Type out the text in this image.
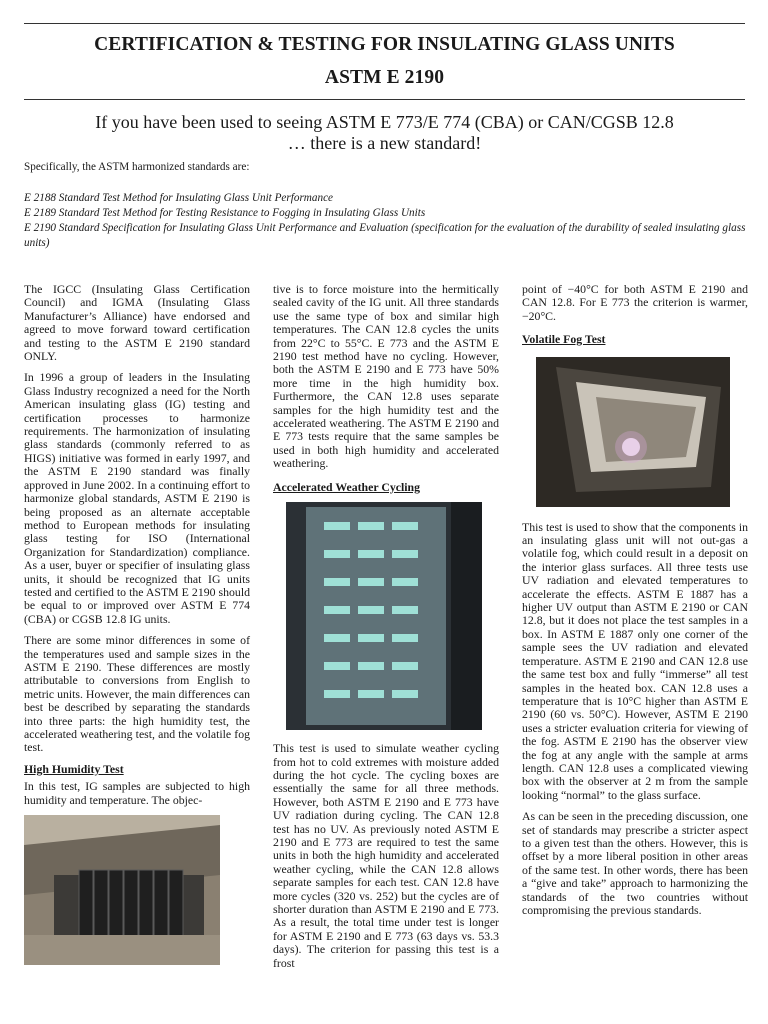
CERTIFICATION & TESTING FOR INSULATING GLASS UNITS
ASTM E 2190

If you have been used to seeing ASTM E 773/E 774 (CBA) or CAN/CGSB 12.8

… there is a new standard!

Specifically, the ASTM harmonized standards are:

E 2188 Standard Test Method for Insulating Glass Unit Performance
E 2189 Standard Test Method for Testing Resistance to Fogging in Insulating Glass Units
E 2190 Standard Specification for Insulating Glass Unit Performance and Evaluation (specification for the evaluation of the durability of sealed insulating glass units)

The IGCC (Insulating Glass Certification Council) and IGMA (Insulating Glass Manufacturer’s Alliance) have endorsed and agreed to move forward toward certification and testing to the ASTM E 2190 standard ONLY.

In 1996 a group of leaders in the Insulating Glass Industry recognized a need for the North American insulating glass (IG) testing and certification processes to harmonize requirements. The harmonization of insulating glass standards (commonly referred to as HIGS) initiative was formed in early 1997, and the ASTM E 2190 standard was finally approved in June 2002. In a continuing effort to harmonize global standards, ASTM E 2190 is being proposed as an alternate acceptable method to European methods for insulating glass testing for ISO (International Organization for Standardization) compliance. As a user, buyer or specifier of insulating glass units, it should be recognized that IG units tested and certified to the ASTM E 2190 should be equal to or improved over ASTM E 774 (CBA) or CGSB 12.8 IG units.

There are some minor differences in some of the temperatures used and sample sizes in the ASTM E 2190. These differences are mostly attributable to conversions from English to metric units. However, the main differences can best be described by separating the standards into three parts: the high humidity test, the accelerated weathering test, and the volatile fog test.

High Humidity Test

In this test, IG samples are subjected to high humidity and temperature. The objec-

tive is to force moisture into the hermitically sealed cavity of the IG unit. All three standards use the same type of box and similar high temperatures. The CAN 12.8 cycles the units from 22°C to 55°C. E 773 and the ASTM E 2190 test method have no cycling. However, both the ASTM E 2190 and E 773 have 50% more time in the high humidity box. Furthermore, the CAN 12.8 uses separate samples for the high humidity test and the accelerated weathering. The ASTM E 2190 and E 773 tests require that the same samples be used in both high humidity and accelerated weathering.

Accelerated Weather Cycling

This test is used to simulate weather cycling from hot to cold extremes with moisture added during the hot cycle. The cycling boxes are essentially the same for all three methods. However, both ASTM E 2190 and E 773 have UV radiation during cycling. The CAN 12.8 test has no UV. As previously noted ASTM E 2190 and E 773 are required to test the same units in both the high humidity and accelerated weather cycling, while the CAN 12.8 allows separate samples for each test. CAN 12.8 have more cycles (320 vs. 252) but the cycles are of shorter duration than ASTM E 2190 and E 773. As a result, the total time under test is longer for ASTM E 2190 and E 773 (63 days vs. 53.3 days). The criterion for passing this test is a frost

point of −40°C for both ASTM E 2190 and CAN 12.8. For E 773 the criterion is warmer, −20°C.

Volatile Fog Test

This test is used to show that the components in an insulating glass unit will not out-gas a volatile fog, which could result in a deposit on the interior glass surfaces. All three tests use UV radiation and elevated temperatures to accelerate the effects. ASTM E 1887 has a higher UV output than ASTM E 2190 or CAN 12.8, but it does not place the test samples in a box. In ASTM E 1887 only one corner of the sample sees the UV radiation and elevated temperature. ASTM E 2190 and CAN 12.8 use the same test box and fully “immerse” all test samples in the heated box. CAN 12.8 uses a temperature that is 10°C higher than ASTM E 2190 (60 vs. 50°C). However, ASTM E 2190 uses a stricter evaluation criteria for viewing of the fog. ASTM E 2190 has the observer view the fog at any angle with the sample at arms length. CAN 12.8 uses a complicated viewing box with the observer at 2 m from the sample looking “normal” to the glass surface.

As can be seen in the preceding discussion, one set of standards may prescribe a stricter aspect to a given test than the others. However, this is offset by a more liberal position in other areas of the same test. In other words, there has been a “give and take” approach to harmonizing the standards of the two countries without compromising the previous standards.
